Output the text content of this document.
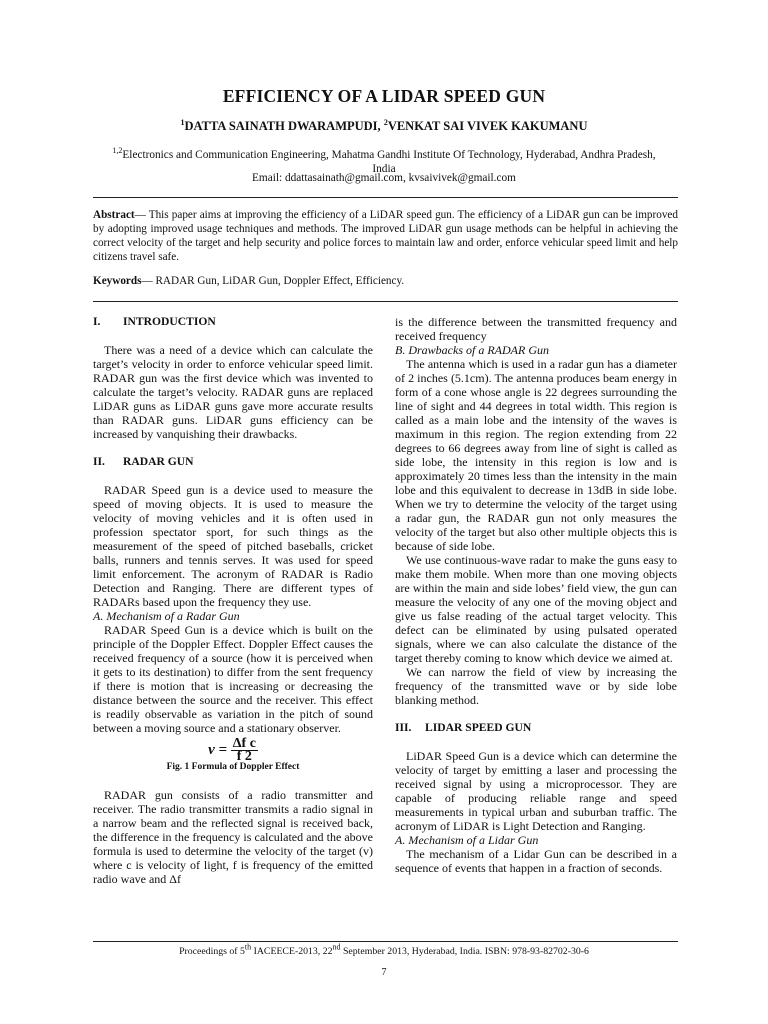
EFFICIENCY OF A LIDAR SPEED GUN
$^1$DATTA SAINATH DWARAMPUDI, $^2$VENKAT SAI VIVEK KAKUMANU
$^{1,2}$Electronics and Communication Engineering, Mahatma Gandhi Institute Of Technology, Hyderabad, Andhra Pradesh,
India
Email: ddattasainath@gmail.com, kvsaivivek@gmail.com
Abstract— This paper aims at improving the efficiency of a LiDAR speed gun. The efficiency of a LiDAR gun can be improved by adopting improved usage techniques and methods. The improved LiDAR gun usage methods can be helpful in achieving the correct velocity of the target and help security and police forces to maintain law and order, enforce vehicular speed limit and help citizens travel safe.
Keywords— RADAR Gun, LiDAR Gun, Doppler Effect, Efficiency.
I.	INTRODUCTION

There was a need of a device which can calculate the target’s velocity in order to enforce vehicular speed limit. RADAR gun was the first device which was invented to calculate the target’s velocity. RADAR guns are replaced LiDAR guns as LiDAR guns gave more accurate results than RADAR guns. LiDAR guns efficiency can be increased by vanquishing their drawbacks.

II.	RADAR GUN

RADAR Speed gun is a device used to measure the speed of moving objects. It is used to measure the velocity of moving vehicles and it is often used in profession spectator sport, for such things as the measurement of the speed of pitched baseballs, cricket balls, runners and tennis serves. It was used for speed limit enforcement. The acronym of RADAR is Radio Detection and Ranging. There are different types of RADARs based upon the frequency they use.

A. Mechanism of a Radar Gun

RADAR Speed Gun is a device which is built on the principle of the Doppler Effect. Doppler Effect causes the received frequency of a source (how it is perceived when it gets to its destination) to differ from the sent frequency if there is motion that is increasing or decreasing the distance between the source and the receiver. This effect is readily observable as variation in the pitch of sound between a moving source and a stationary observer.

$v = \frac{\text{Δf c}}{f 2}$

Fig. 1 Formula of Doppler Effect

RADAR gun consists of a radio transmitter and receiver. The radio transmitter transmits a radio signal in a narrow beam and the reflected signal is received back, the difference in the frequency is calculated and the above formula is used to determine the velocity of the target (v) where c is velocity of light, f is frequency of the emitted radio wave and Δf

is the difference between the transmitted frequency and received frequency

B. Drawbacks of a RADAR Gun

The antenna which is used in a radar gun has a diameter of 2 inches (5.1cm). The antenna produces beam energy in form of a cone whose angle is 22 degrees surrounding the line of sight and 44 degrees in total width. This region is called as a main lobe and the intensity of the waves is maximum in this region. The region extending from 22 degrees to 66 degrees away from line of sight is called as side lobe, the intensity in this region is low and is approximately 20 times less than the intensity in the main lobe and this equivalent to decrease in 13dB in side lobe. When we try to determine the velocity of the target using a radar gun, the RADAR gun not only measures the velocity of the target but also other multiple objects this is because of side lobe.

We use continuous-wave radar to make the guns easy to make them mobile. When more than one moving objects are within the main and side lobes’ field view, the gun can measure the velocity of any one of the moving object and give us false reading of the actual target velocity. This defect can be eliminated by using pulsated operated signals, where we can also calculate the distance of the target thereby coming to know which device we aimed at.

We can narrow the field of view by increasing the frequency of the transmitted wave or by side lobe blanking method.

III.	LIDAR SPEED GUN

LiDAR Speed Gun is a device which can determine the velocity of target by emitting a laser and processing the received signal by using a microprocessor. They are capable of producing reliable range and speed measurements in typical urban and suburban traffic. The acronym of LiDAR is Light Detection and Ranging.

A. Mechanism of a Lidar Gun

The mechanism of a Lidar Gun can be described in a sequence of events that happen in a fraction of seconds.

Proceedings of 5th IACEECE-2013, 22nd September 2013, Hyderabad, India. ISBN: 978-93-82702-30-6
7
